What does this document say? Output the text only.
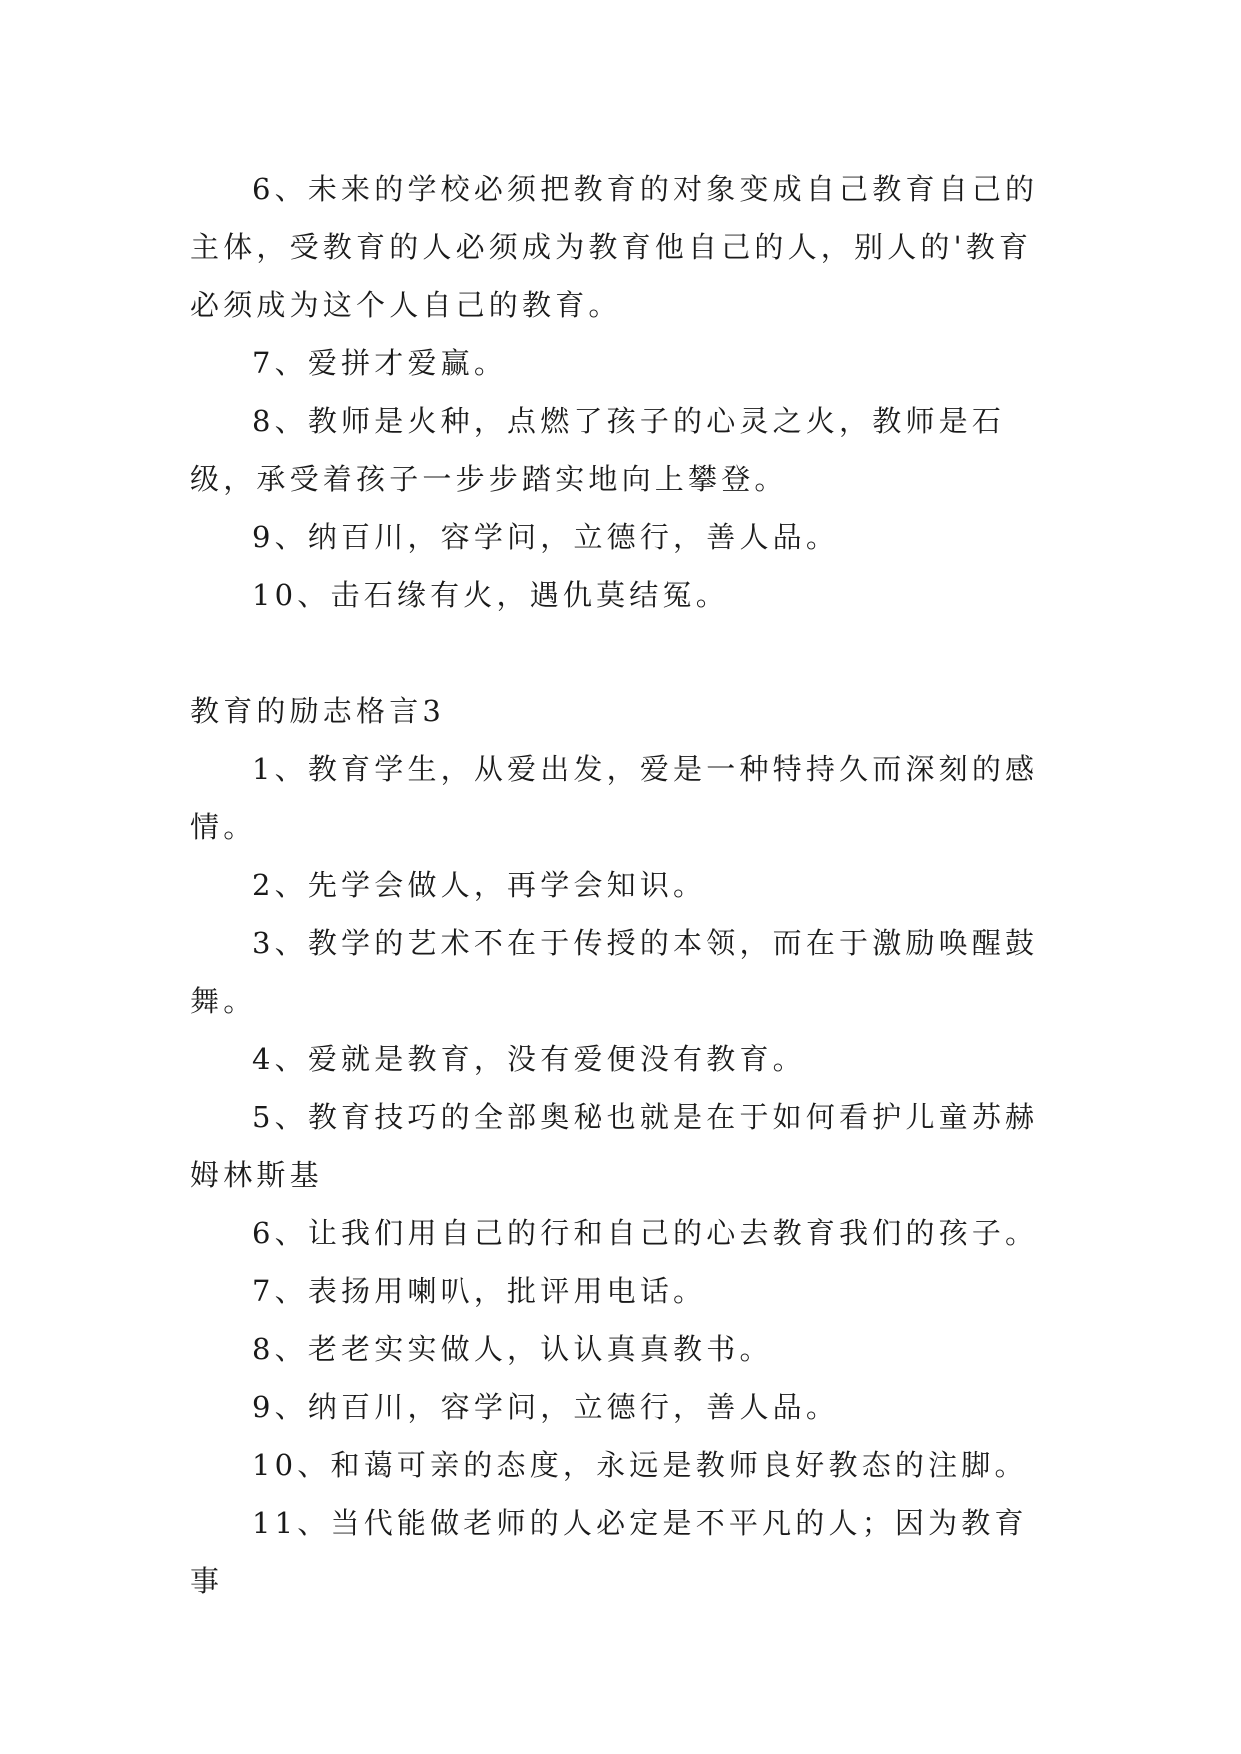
6、未来的学校必须把教育的对象变成自己教育自己的主体，受教育的人必须成为教育他自己的人，别人的'教育必须成为这个人自己的教育。

7、爱拼才爱赢。

8、教师是火种，点燃了孩子的心灵之火，教师是石级，承受着孩子一步步踏实地向上攀登。

9、纳百川，容学问，立德行，善人品。

10、击石缘有火，遇仇莫结冤。

教育的励志格言3

1、教育学生，从爱出发，爱是一种特持久而深刻的感情。

2、先学会做人，再学会知识。

3、教学的艺术不在于传授的本领，而在于激励唤醒鼓舞。

4、爱就是教育，没有爱便没有教育。

5、教育技巧的全部奥秘也就是在于如何看护儿童苏赫姆林斯基

6、让我们用自己的行和自己的心去教育我们的孩子。

7、表扬用喇叭，批评用电话。

8、老老实实做人，认认真真教书。

9、纳百川，容学问，立德行，善人品。

10、和蔼可亲的态度，永远是教师良好教态的注脚。

11、当代能做老师的人必定是不平凡的人；因为教育事
